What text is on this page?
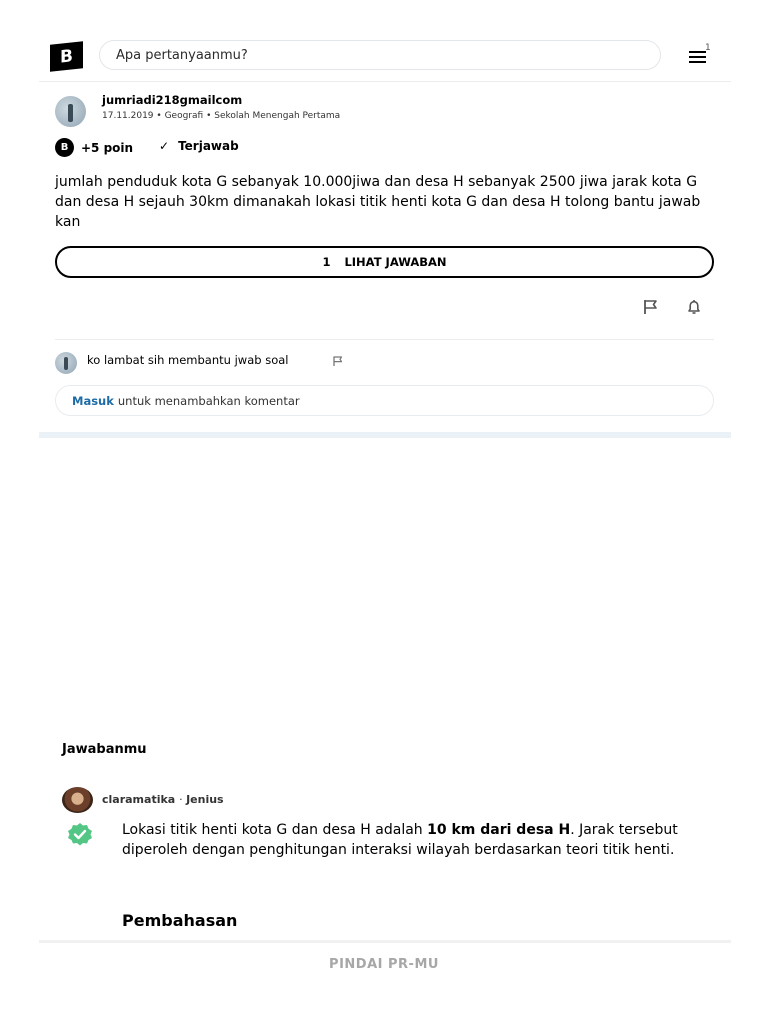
B	Apa pertanyaanmu?	1
jumriadi218gmailcom
17.11.2019 • Geografi • Sekolah Menengah Pertama
B	+5 poin ✓ Terjawab
jumlah penduduk kota G sebanyak 10.000jiwa dan desa H sebanyak 2500 jiwa jarak kota G dan desa H sejauh 30km dimanakah lokasi titik henti kota G dan desa H tolong bantu jawab kan
1 LIHAT JAWABAN
ko lambat sih membantu jwab soal
Masuk untuk menambahkan komentar
Jawabanmu
claramatika · Jenius
Lokasi titik henti kota G dan desa H adalah 10 km dari desa H. Jarak tersebut diperoleh dengan penghitungan interaksi wilayah berdasarkan teori titik henti.
Pembahasan
PINDAI PR-MU
